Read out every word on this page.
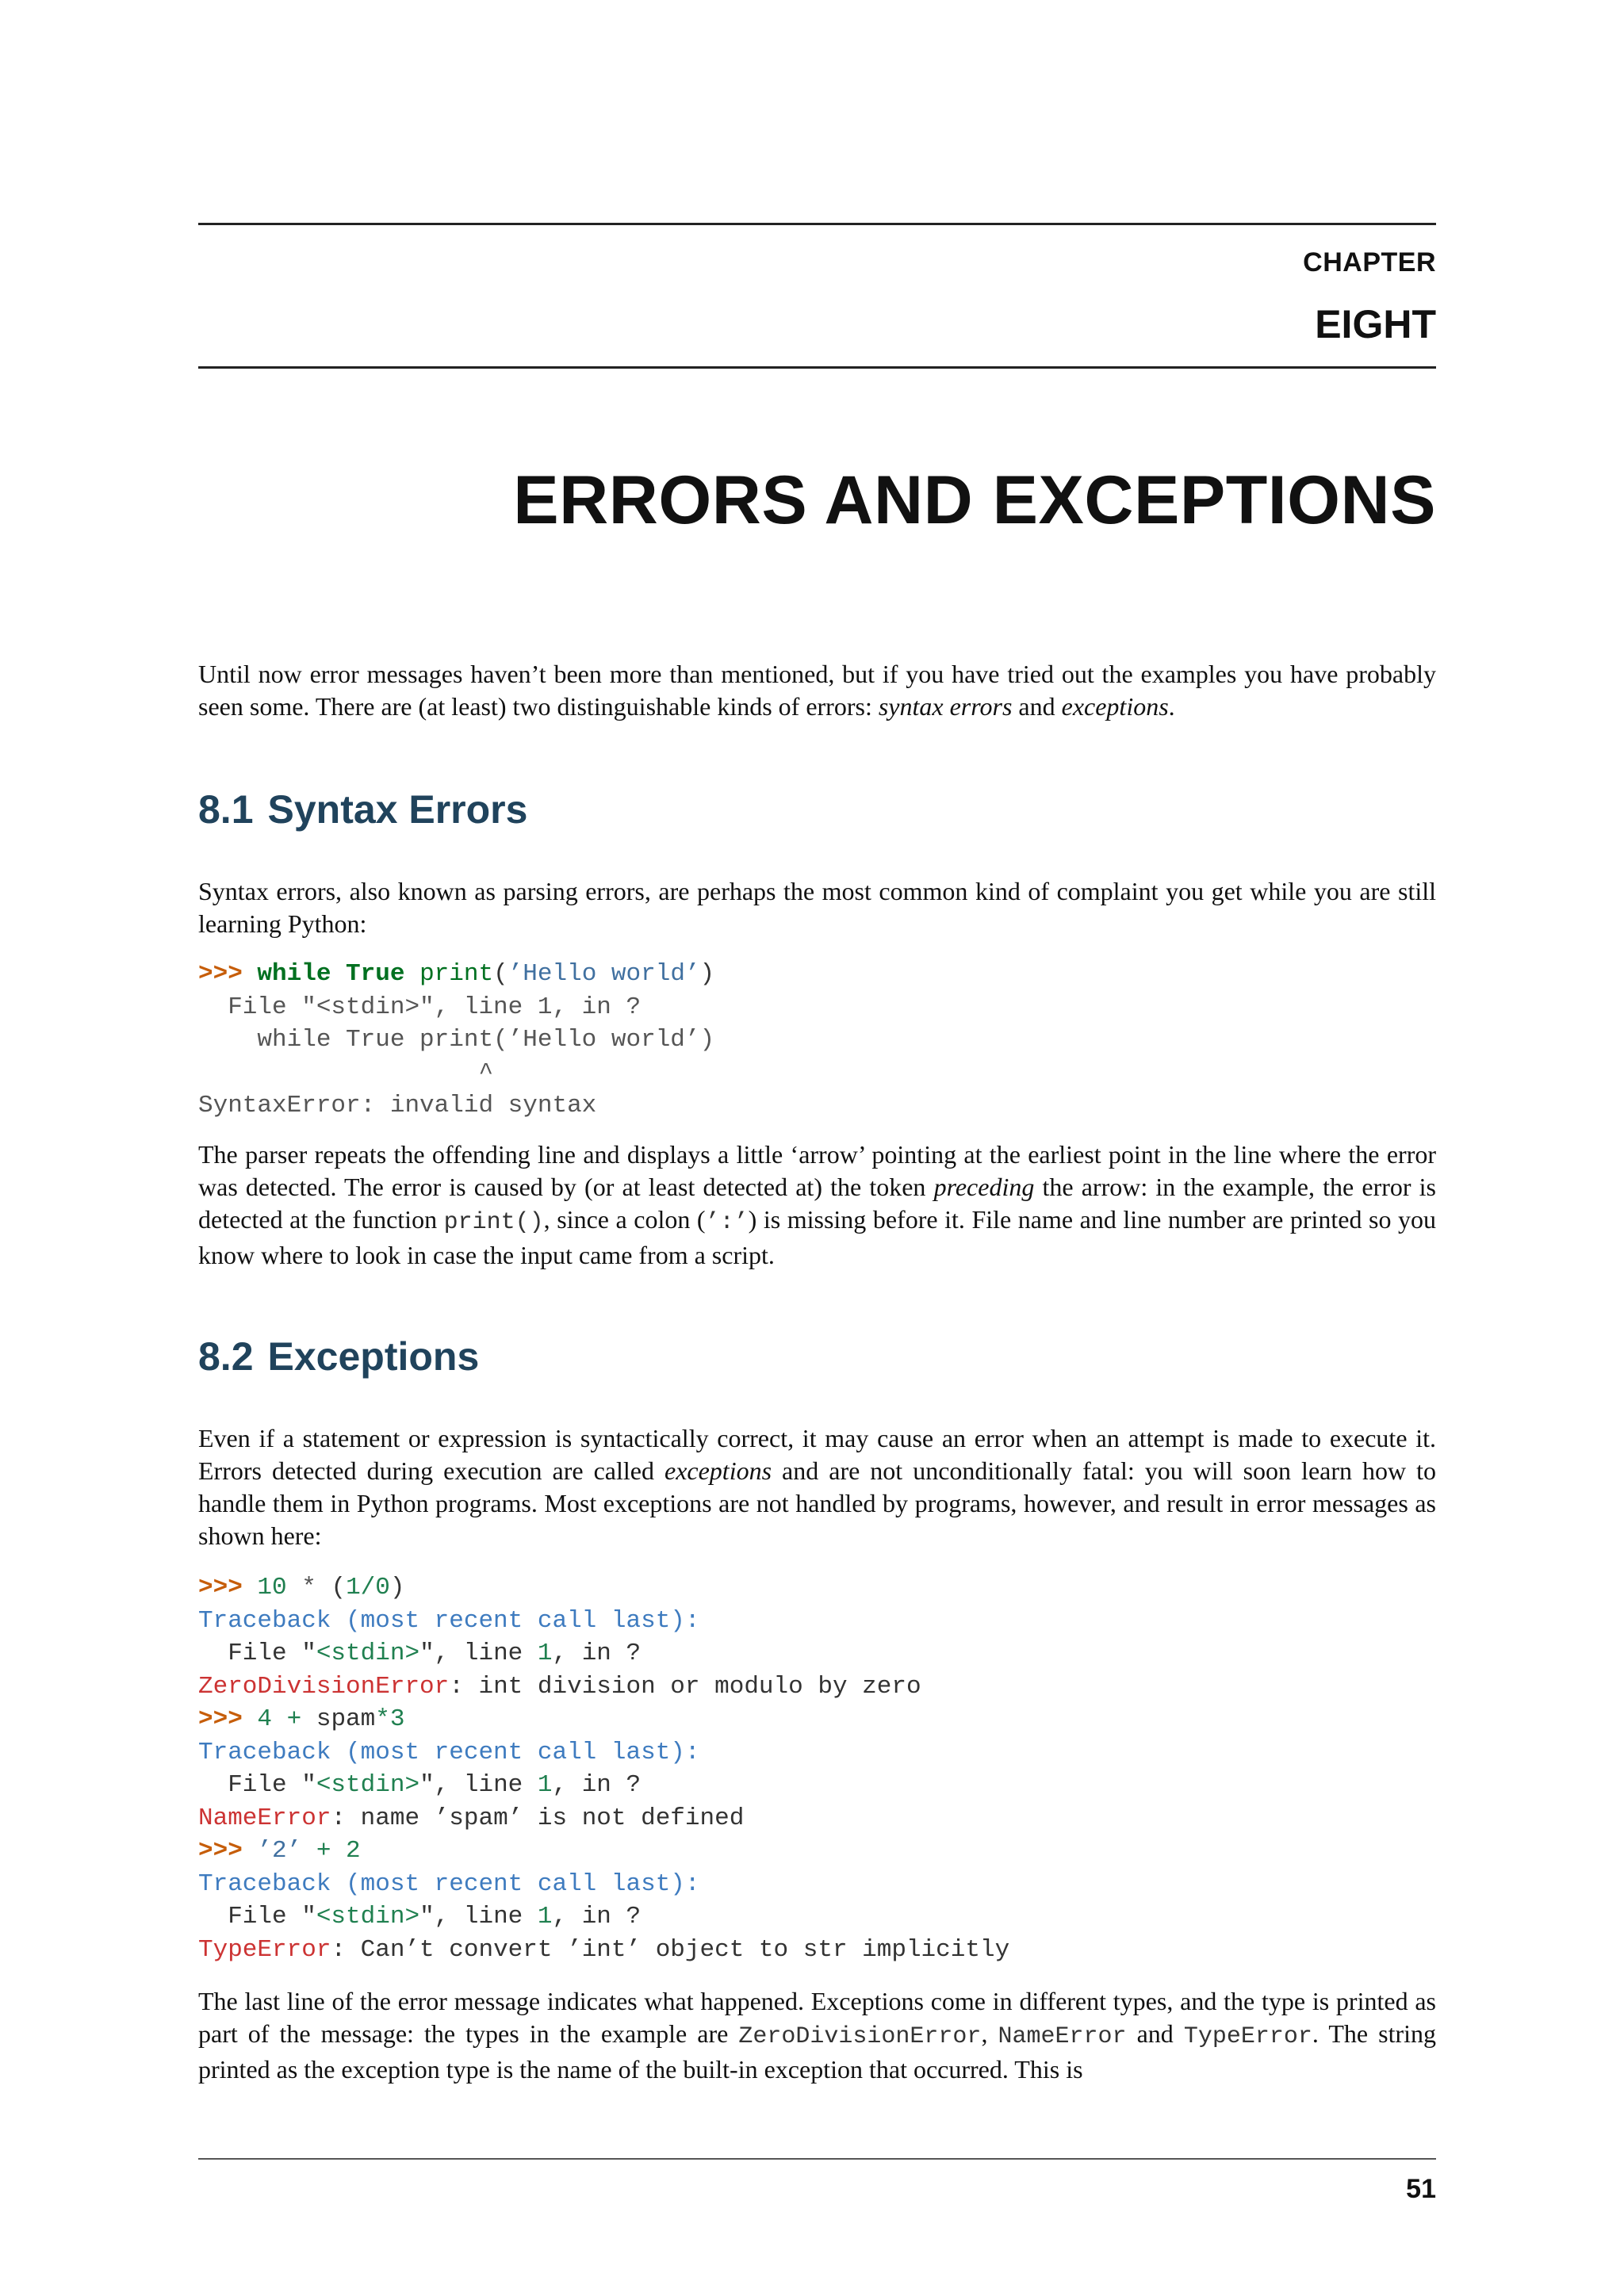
CHAPTER
EIGHT
ERRORS AND EXCEPTIONS
Until now error messages haven’t been more than mentioned, but if you have tried out the examples you have probably seen some. There are (at least) two distinguishable kinds of errors: syntax errors and exceptions.
8.1 Syntax Errors
Syntax errors, also known as parsing errors, are perhaps the most common kind of complaint you get while you are still learning Python:
>>> while True print(’Hello world’)
File "<stdin>", line 1, in ?
while True print(’Hello world’)
^
SyntaxError: invalid syntax
The parser repeats the offending line and displays a little ‘arrow’ pointing at the earliest point in the line where the error was detected. The error is caused by (or at least detected at) the token preceding the arrow: in the example, the error is detected at the function print(), since a colon (’:’) is missing before it. File name and line number are printed so you know where to look in case the input came from a script.
8.2 Exceptions
Even if a statement or expression is syntactically correct, it may cause an error when an attempt is made to execute it. Errors detected during execution are called exceptions and are not unconditionally fatal: you will soon learn how to handle them in Python programs. Most exceptions are not handled by programs, however, and result in error messages as shown here:
>>> 10 * (1/0)
Traceback (most recent call last):
File "<stdin>", line 1, in ?
ZeroDivisionError: int division or modulo by zero
>>> 4 + spam*3
Traceback (most recent call last):
File "<stdin>", line 1, in ?
NameError: name ’spam’ is not defined
>>> ’2’ + 2
Traceback (most recent call last):
File "<stdin>", line 1, in ?
TypeError: Can’t convert ’int’ object to str implicitly
The last line of the error message indicates what happened. Exceptions come in different types, and the type is printed as part of the message: the types in the example are ZeroDivisionError, NameError and TypeError. The string printed as the exception type is the name of the built-in exception that occurred. This is
51
